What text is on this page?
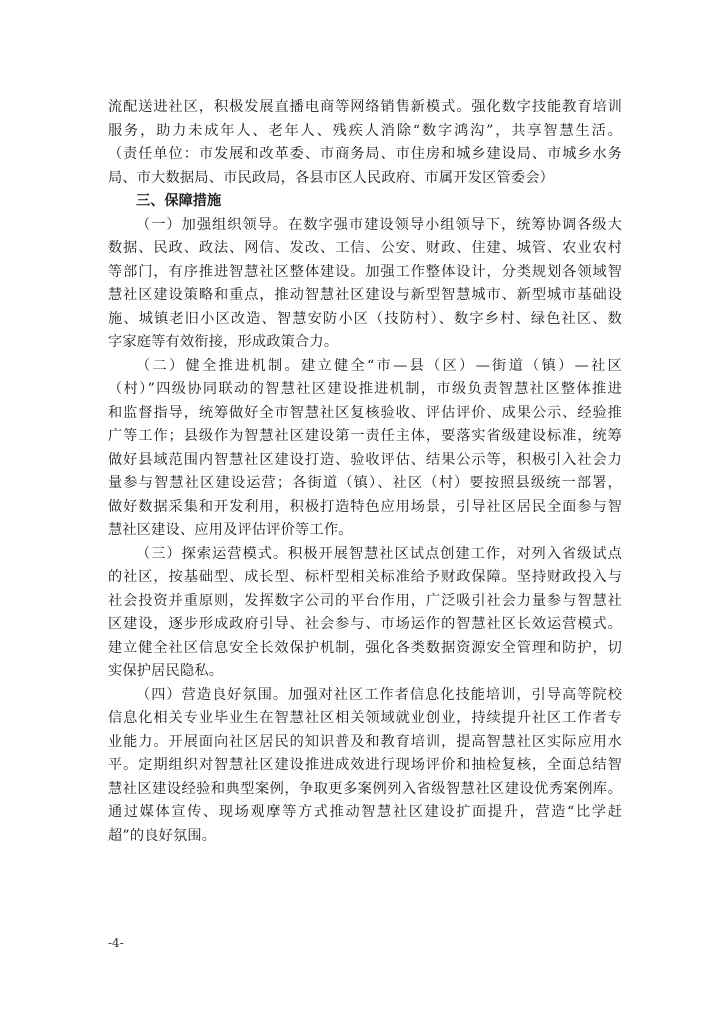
流配送进社区，积极发展直播电商等网络销售新模式。强化数字技能教育培训
服务，助力未成年人、老年人、残疾人消除“数字鸿沟”，共享智慧生活。
（责任单位：市发展和改革委、市商务局、市住房和城乡建设局、市城乡水务
局、市大数据局、市民政局，各县市区人民政府、市属开发区管委会）
三、保障措施
（一）加强组织领导。在数字强市建设领导小组领导下，统筹协调各级大
数据、民政、政法、网信、发改、工信、公安、财政、住建、城管、农业农村
等部门，有序推进智慧社区整体建设。加强工作整体设计，分类规划各领域智
慧社区建设策略和重点，推动智慧社区建设与新型智慧城市、新型城市基础设
施、城镇老旧小区改造、智慧安防小区（技防村）、数字乡村、绿色社区、数
字家庭等有效衔接，形成政策合力。
（二）健全推进机制。建立健全“市—县（区）—街道（镇）—社区
（村）”四级协同联动的智慧社区建设推进机制，市级负责智慧社区整体推进
和监督指导，统筹做好全市智慧社区复核验收、评估评价、成果公示、经验推
广等工作；县级作为智慧社区建设第一责任主体，要落实省级建设标准，统筹
做好县域范围内智慧社区建设打造、验收评估、结果公示等，积极引入社会力
量参与智慧社区建设运营；各街道（镇）、社区（村）要按照县级统一部署，
做好数据采集和开发利用，积极打造特色应用场景，引导社区居民全面参与智
慧社区建设、应用及评估评价等工作。
（三）探索运营模式。积极开展智慧社区试点创建工作，对列入省级试点
的社区，按基础型、成长型、标杆型相关标准给予财政保障。坚持财政投入与
社会投资并重原则，发挥数字公司的平台作用，广泛吸引社会力量参与智慧社
区建设，逐步形成政府引导、社会参与、市场运作的智慧社区长效运营模式。
建立健全社区信息安全长效保护机制，强化各类数据资源安全管理和防护，切
实保护居民隐私。
（四）营造良好氛围。加强对社区工作者信息化技能培训，引导高等院校
信息化相关专业毕业生在智慧社区相关领域就业创业，持续提升社区工作者专
业能力。开展面向社区居民的知识普及和教育培训，提高智慧社区实际应用水
平。定期组织对智慧社区建设推进成效进行现场评价和抽检复核，全面总结智
慧社区建设经验和典型案例，争取更多案例列入省级智慧社区建设优秀案例库。
通过媒体宣传、现场观摩等方式推动智慧社区建设扩面提升，营造“比学赶
超”的良好氛围。
-4-
